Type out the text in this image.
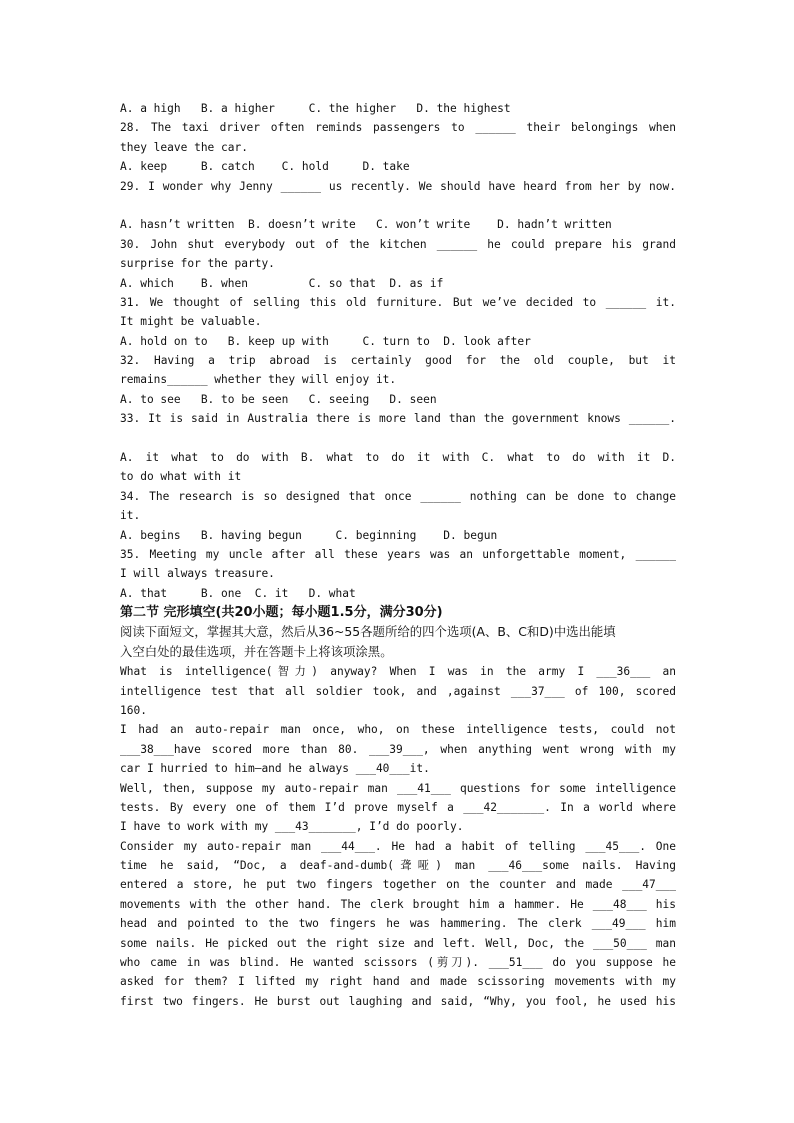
A. a high   B. a higher     C. the higher   D. the highest
28. The taxi driver often reminds passengers to ______ their belongings when
they leave the car.
A. keep     B. catch    C. hold     D. take
29. I wonder why Jenny ______ us recently. We should have heard from her by now.
A. hasn’t written  B. doesn’t write   C. won’t write    D. hadn’t written
30. John shut everybody out of the kitchen ______ he could prepare his grand
surprise for the party.
A. which    B. when         C. so that  D. as if
31. We thought of selling this old furniture. But we’ve decided to ______ it.
It might be valuable.
A. hold on to   B. keep up with     C. turn to  D. look after
32. Having a trip abroad is certainly good for the old couple, but it
remains______ whether they will enjoy it.
A. to see   B. to be seen   C. seeing   D. seen
33. It is said in Australia there is more land than the government knows ______.
A. it what to do with B. what to do it with C. what to do with it D.
to do what with it
34. The research is so designed that once ______ nothing can be done to change
it.
A. begins   B. having begun     C. beginning    D. begun
35. Meeting my uncle after all these years was an unforgettable moment, ______
I will always treasure.
A. that     B. one  C. it   D. what
第二节 完形填空(共20小题；每小题1.5分，满分30分)
阅读下面短文，掌握其大意，然后从36~55各题所给的四个选项(A、B、C和D)中选出能填
入空白处的最佳选项，并在答题卡上将该项涂黑。
What is intelligence(智力) anyway? When I was in the army I ___36___ an
intelligence test that all soldier took, and ,against ___37___ of 100, scored
160.
I had an auto-repair man once, who, on these intelligence tests, could not
___38___have scored more than 80. ___39___, when anything went wrong with my
car I hurried to him—and he always ___40___it.
Well, then, suppose my auto-repair man ___41___ questions for some intelligence
tests. By every one of them I’d prove myself a ___42_______. In a world where
I have to work with my ___43_______, I’d do poorly.
Consider my auto-repair man ___44___. He had a habit of telling ___45___. One
time he said, “Doc, a deaf-and-dumb(聋哑) man ___46___some nails. Having
entered a store, he put two fingers together on the counter and made ___47___
movements with the other hand. The clerk brought him a hammer. He ___48___ his
head and pointed to the two fingers he was hammering. The clerk ___49___ him
some nails. He picked out the right size and left. Well, Doc, the ___50___ man
who came in was blind. He wanted scissors (剪刀). ___51___ do you suppose he
asked for them? I lifted my right hand and made scissoring movements with my
first two fingers. He burst out laughing and said, “Why, you fool, he used his
